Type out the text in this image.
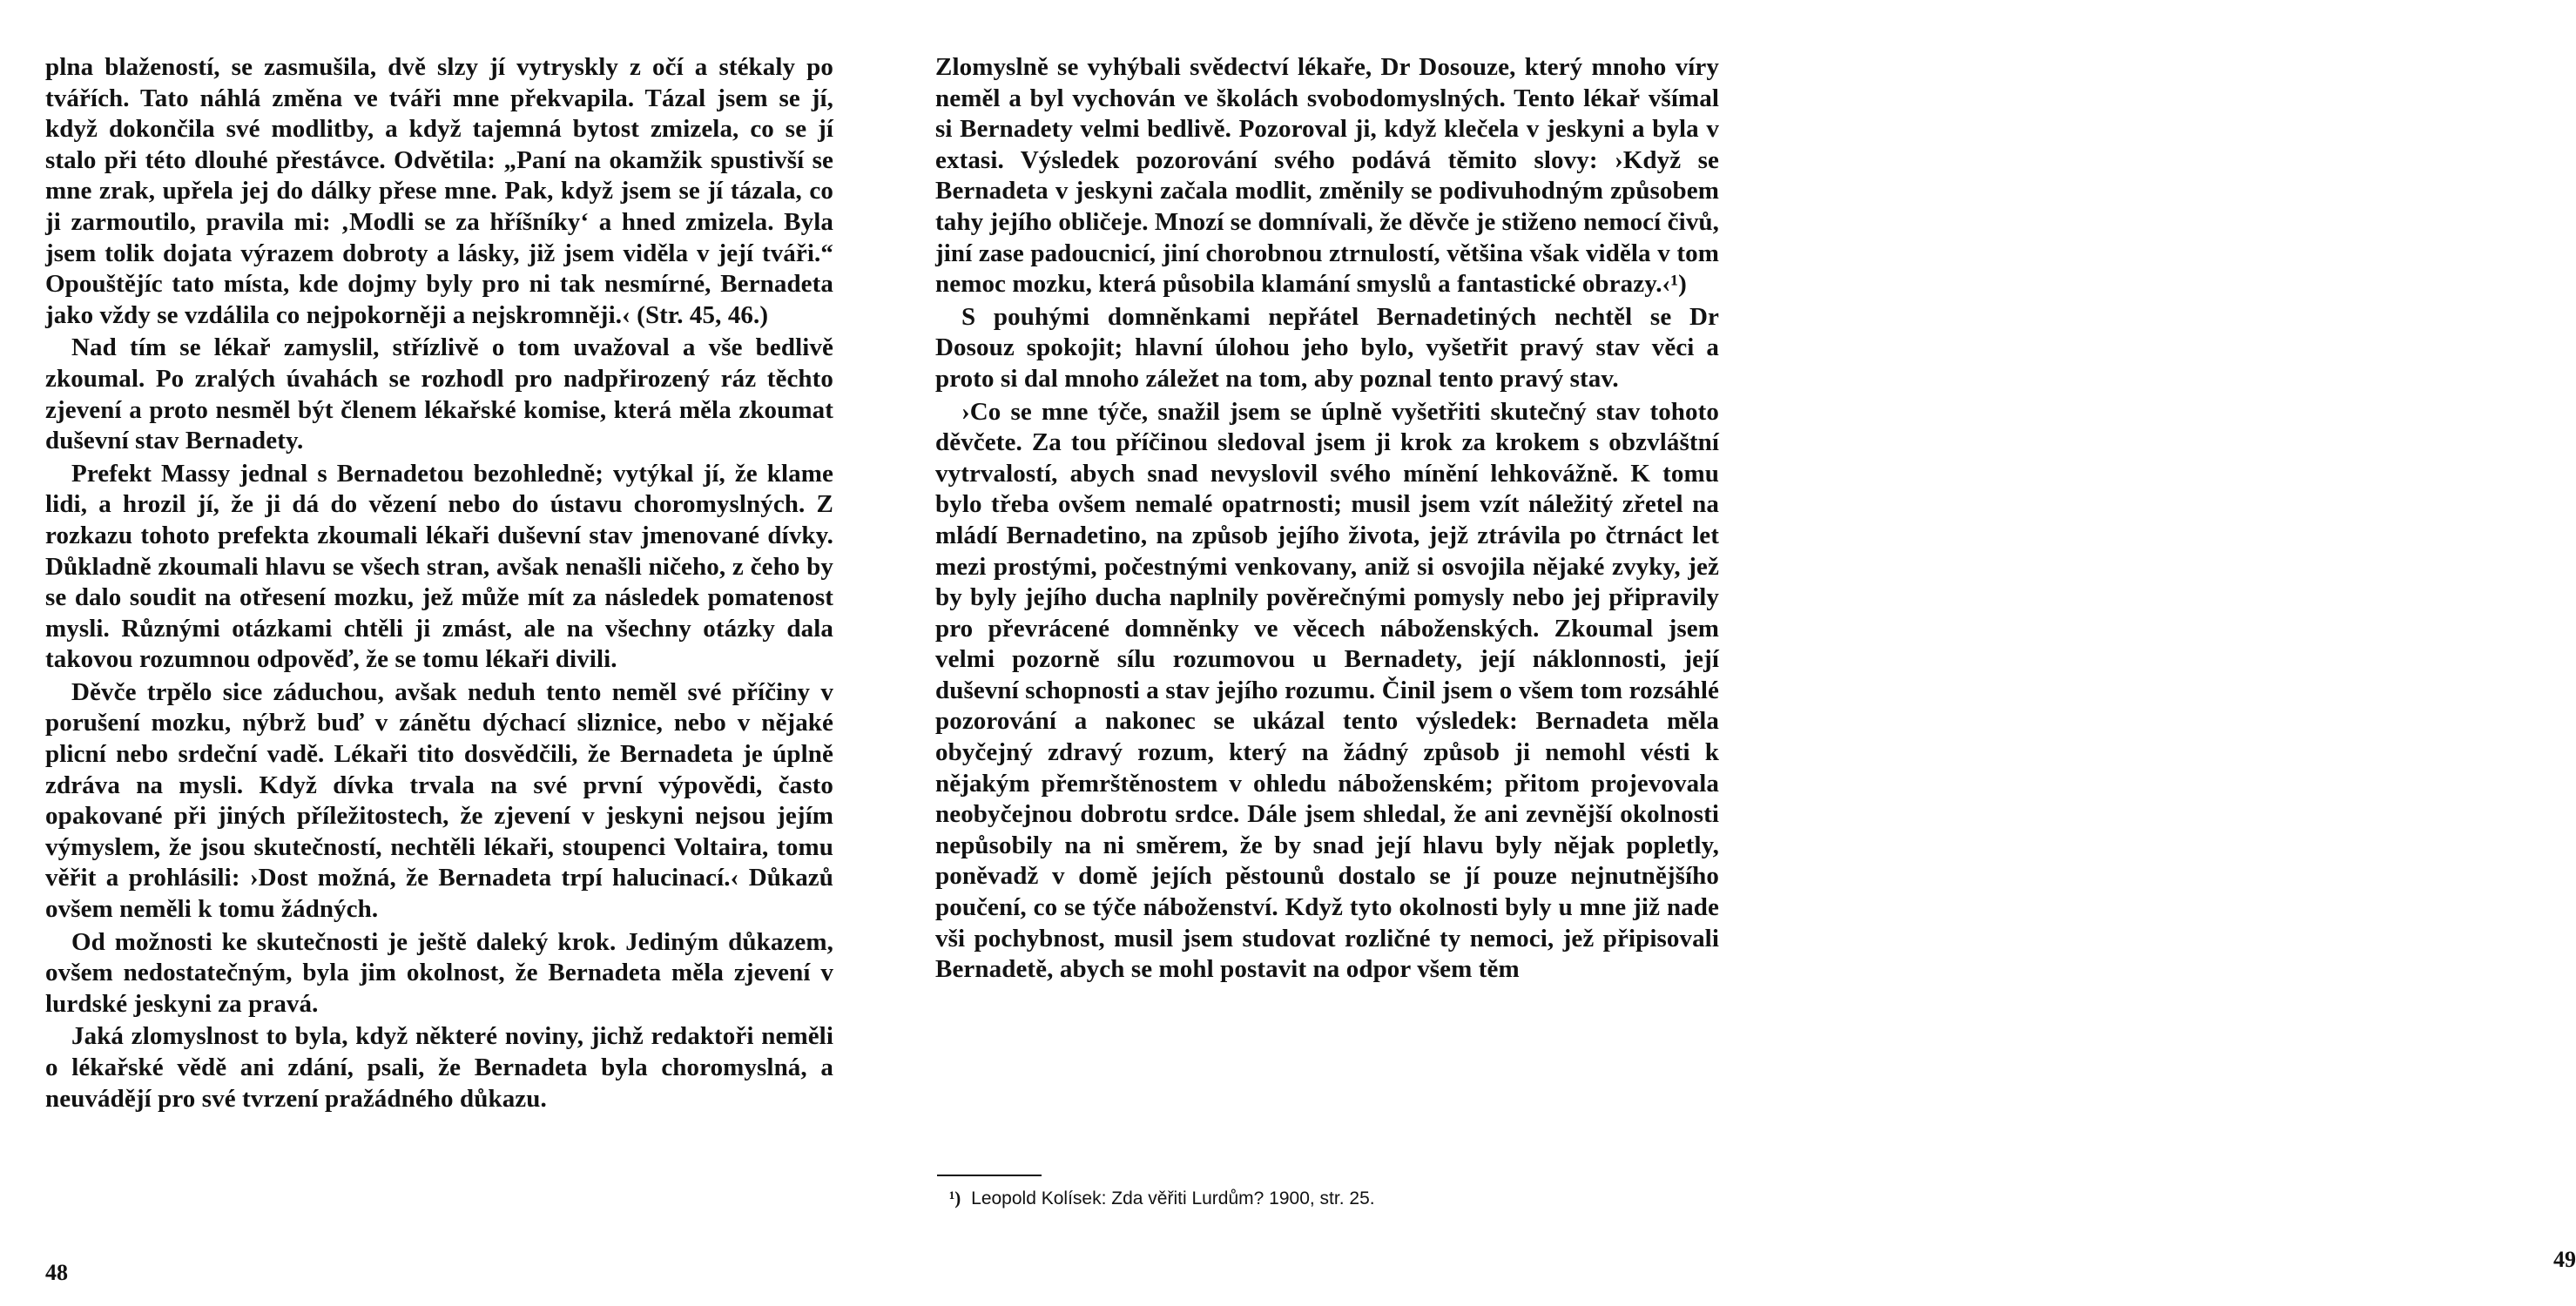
plna blažeností, se zasmušila, dvě slzy jí vytryskly z očí a stékaly po tvářích. Tato náhlá změna ve tváři mne překvapila. Tázal jsem se jí, když dokončila své modlitby, a když tajemná bytost zmizela, co se jí stalo při této dlouhé přestávce. Odvětila: „Paní na okamžik spustivší se mne zrak, upřela jej do dálky přese mne. Pak, když jsem se jí tázala, co ji zarmoutilo, pravila mi: ‚Modli se za hříšníky‘ a hned zmizela. Byla jsem tolik dojata výrazem dobroty a lásky, již jsem viděla v její tváři.“ Opouštějíc tato místa, kde dojmy byly pro ni tak nesmírné, Bernadeta jako vždy se vzdálila co nejpokorněji a nejskromněji.‹ (Str. 45, 46.)

Nad tím se lékař zamyslil, střízlivě o tom uvažoval a vše bedlivě zkoumal. Po zralých úvahách se rozhodl pro nadpřirozený ráz těchto zjevení a proto nesměl být členem lékařské komise, která měla zkoumat duševní stav Bernadety.

Prefekt Massy jednal s Bernadetou bezohledně; vytýkal jí, že klame lidi, a hrozil jí, že ji dá do vězení nebo do ústavu choromyslných. Z rozkazu tohoto prefekta zkoumali lékaři duševní stav jmenované dívky. Důkladně zkoumali hlavu se všech stran, avšak nenašli ničeho, z čeho by se dalo soudit na otřesení mozku, jež může mít za následek pomatenost mysli. Různými otázkami chtěli ji zmást, ale na všechny otázky dala takovou rozumnou odpověď, že se tomu lékaři divili.

Děvče trpělo sice záduchou, avšak neduh tento neměl své příčiny v porušení mozku, nýbrž buď v zánětu dýchací sliznice, nebo v nějaké plicní nebo srdeční vadě. Lékaři tito dosvědčili, že Bernadeta je úplně zdráva na mysli. Když dívka trvala na své první výpovědi, často opakované při jiných příležitostech, že zjevení v jeskyni nejsou jejím výmyslem, že jsou skutečností, nechtěli lékaři, stoupenci Voltaira, tomu věřit a prohlásili: ›Dost možná, že Bernadeta trpí halucinací.‹ Důkazů ovšem neměli k tomu žádných.

Od možnosti ke skutečnosti je ještě daleký krok. Jediným důkazem, ovšem nedostatečným, byla jim okolnost, že Bernadeta měla zjevení v lurdské jeskyni za pravá.

Jaká zlomyslnost to byla, když některé noviny, jichž redaktoři neměli o lékařské vědě ani zdání, psali, že Bernadeta byla choromyslná, a neuvádějí pro své tvrzení pražádného důkazu.

48

Zlomyslně se vyhýbali svědectví lékaře, Dr Dosouze, který mnoho víry neměl a byl vychován ve školách svobodomyslných. Tento lékař všímal si Bernadety velmi bedlivě. Pozoroval ji, když klečela v jeskyni a byla v extasi. Výsledek pozorování svého podává těmito slovy: ›Když se Bernadeta v jeskyni začala modlit, změnily se podivuhodným způsobem tahy jejího obličeje. Mnozí se domnívali, že děvče je stiženo nemocí čivů, jiní zase padoucnicí, jiní chorobnou ztrnulostí, většina však viděla v tom nemoc mozku, která působila klamání smyslů a fantastické obrazy.‹¹)

S pouhými domněnkami nepřátel Bernadetiných nechtěl se Dr Dosouz spokojit; hlavní úlohou jeho bylo, vyšetřit pravý stav věci a proto si dal mnoho záležet na tom, aby poznal tento pravý stav.

›Co se mne týče, snažil jsem se úplně vyšetřiti skutečný stav tohoto děvčete. Za tou příčinou sledoval jsem ji krok za krokem s obzvláštní vytrvalostí, abych snad nevyslovil svého mínění lehkovážně. K tomu bylo třeba ovšem nemalé opatrnosti; musil jsem vzít náležitý zřetel na mládí Bernadetino, na způsob jejího života, jejž ztrávila po čtrnáct let mezi prostými, počestnými venkovany, aniž si osvojila nějaké zvyky, jež by byly jejího ducha naplnily pověrečnými pomysly nebo jej připravily pro převrácené domněnky ve věcech náboženských. Zkoumal jsem velmi pozorně sílu rozumovou u Bernadety, její náklonnosti, její duševní schopnosti a stav jejího rozumu. Činil jsem o všem tom rozsáhlé pozorování a nakonec se ukázal tento výsledek: Bernadeta měla obyčejný zdravý rozum, který na žádný způsob ji nemohl vésti k nějakým přemrštěnostem v ohledu náboženském; přitom projevovala neobyčejnou dobrotu srdce. Dále jsem shledal, že ani zevnější okolnosti nepůsobily na ni směrem, že by snad její hlavu byly nějak popletly, poněvadž v domě jejích pěstounů dostalo se jí pouze nejnutnějšího poučení, co se týče náboženství. Když tyto okolnosti byly u mne již nade vši pochybnost, musil jsem studovat rozličné ty nemoci, jež připisovali Bernadetě, abych se mohl postavit na odpor všem těm

49
¹) Leopold Kolísek: Zda věřiti Lurdům? 1900, str. 25.
